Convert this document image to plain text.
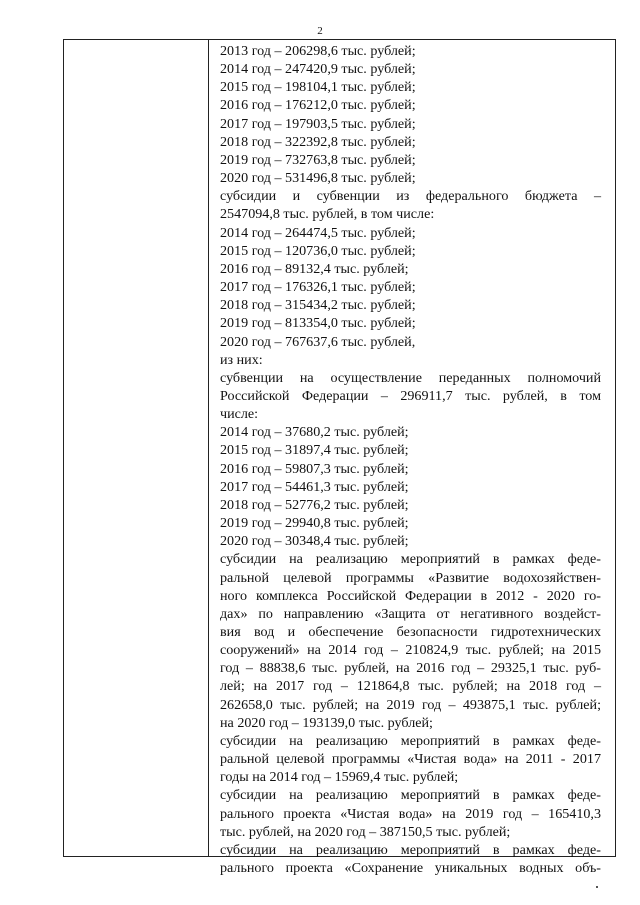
2
2013 год – 206298,6 тыс. рублей;
2014 год – 247420,9 тыс. рублей;
2015 год – 198104,1 тыс. рублей;
2016 год – 176212,0 тыс. рублей;
2017 год – 197903,5 тыс. рублей;
2018 год – 322392,8 тыс. рублей;
2019 год – 732763,8 тыс. рублей;
2020 год – 531496,8 тыс. рублей;
субсидии и субвенции из федерального бюджета –
2547094,8 тыс. рублей, в том числе:
2014 год – 264474,5 тыс. рублей;
2015 год – 120736,0 тыс. рублей;
2016 год – 89132,4 тыс. рублей;
2017 год – 176326,1 тыс. рублей;
2018 год – 315434,2 тыс. рублей;
2019 год – 813354,0 тыс. рублей;
2020 год – 767637,6 тыс. рублей,
из них:
субвенции на осуществление переданных полномочий
Российской Федерации – 296911,7 тыс. рублей, в том
числе:
2014 год – 37680,2 тыс. рублей;
2015 год – 31897,4 тыс. рублей;
2016 год – 59807,3 тыс. рублей;
2017 год – 54461,3 тыс. рублей;
2018 год – 52776,2 тыс. рублей;
2019 год – 29940,8 тыс. рублей;
2020 год – 30348,4 тыс. рублей;
субсидии на реализацию мероприятий в рамках феде-
ральной целевой программы «Развитие водохозяйствен-
ного комплекса Российской Федерации в 2012 - 2020 го-
дах» по направлению «Защита от негативного воздейст-
вия вод и обеспечение безопасности гидротехнических
сооружений» на 2014 год – 210824,9 тыс. рублей; на 2015
год – 88838,6 тыс. рублей, на 2016 год – 29325,1 тыс. руб-
лей; на 2017 год – 121864,8 тыс. рублей; на 2018 год –
262658,0 тыс. рублей; на 2019 год – 493875,1 тыс. рублей;
на 2020 год – 193139,0 тыс. рублей;
субсидии на реализацию мероприятий в рамках феде-
ральной целевой программы «Чистая вода» на 2011 - 2017
годы на 2014 год – 15969,4 тыс. рублей;
субсидии на реализацию мероприятий в рамках феде-
рального проекта «Чистая вода» на 2019 год – 165410,3
тыс. рублей, на 2020 год – 387150,5 тыс. рублей;
субсидии на реализацию мероприятий в рамках феде-
рального проекта «Сохранение уникальных водных объ-
